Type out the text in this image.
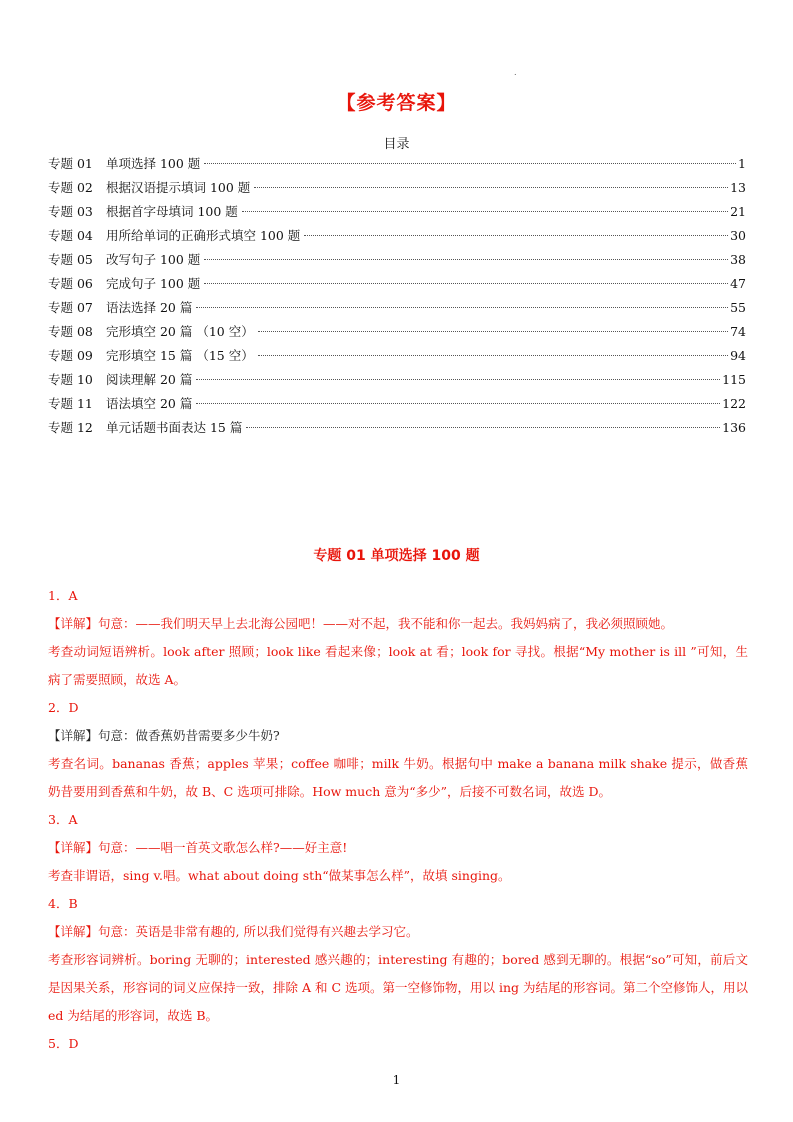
.
【参考答案】
目录
专题 01	单项选择 100 题	1
专题 02	根据汉语提示填词 100 题	13
专题 03	根据首字母填词 100 题	21
专题 04	用所给单词的正确形式填空 100 题	30
专题 05	改写句子 100 题	38
专题 06	完成句子 100 题	47
专题 07	语法选择 20 篇	55
专题 08	完形填空 20 篇 （10 空）	74
专题 09	完形填空 15 篇 （15 空）	94
专题 10	阅读理解 20 篇	115
专题 11	语法填空 20 篇	122
专题 12	单元话题书面表达 15 篇	136
专题 01 单项选择 100 题
1．A

【详解】句意：——我们明天早上去北海公园吧！——对不起，我不能和你一起去。我妈妈病了，我必须照顾她。

考查动词短语辨析。look after 照顾；look like 看起来像；look at 看；look for 寻找。根据“My mother is ill ”可知，生病了需要照顾，故选 A。

2．D

【详解】句意：做香蕉奶昔需要多少牛奶?

考查名词。bananas 香蕉；apples 苹果；coffee 咖啡；milk 牛奶。根据句中 make a banana milk shake 提示，做香蕉奶昔要用到香蕉和牛奶，故 B、C 选项可排除。How much 意为“多少”，后接不可数名词，故选 D。

3．A

【详解】句意：——唱一首英文歌怎么样?——好主意!

考查非谓语，sing v.唱。what about doing sth“做某事怎么样”，故填 singing。

4．B

【详解】句意：英语是非常有趣的, 所以我们觉得有兴趣去学习它。

考查形容词辨析。boring 无聊的；interested 感兴趣的；interesting 有趣的；bored 感到无聊的。根据“so”可知，前后文是因果关系，形容词的词义应保持一致，排除 A 和 C 选项。第一空修饰物，用以 ing 为结尾的形容词。第二个空修饰人，用以 ed 为结尾的形容词，故选 B。

5．D
1
